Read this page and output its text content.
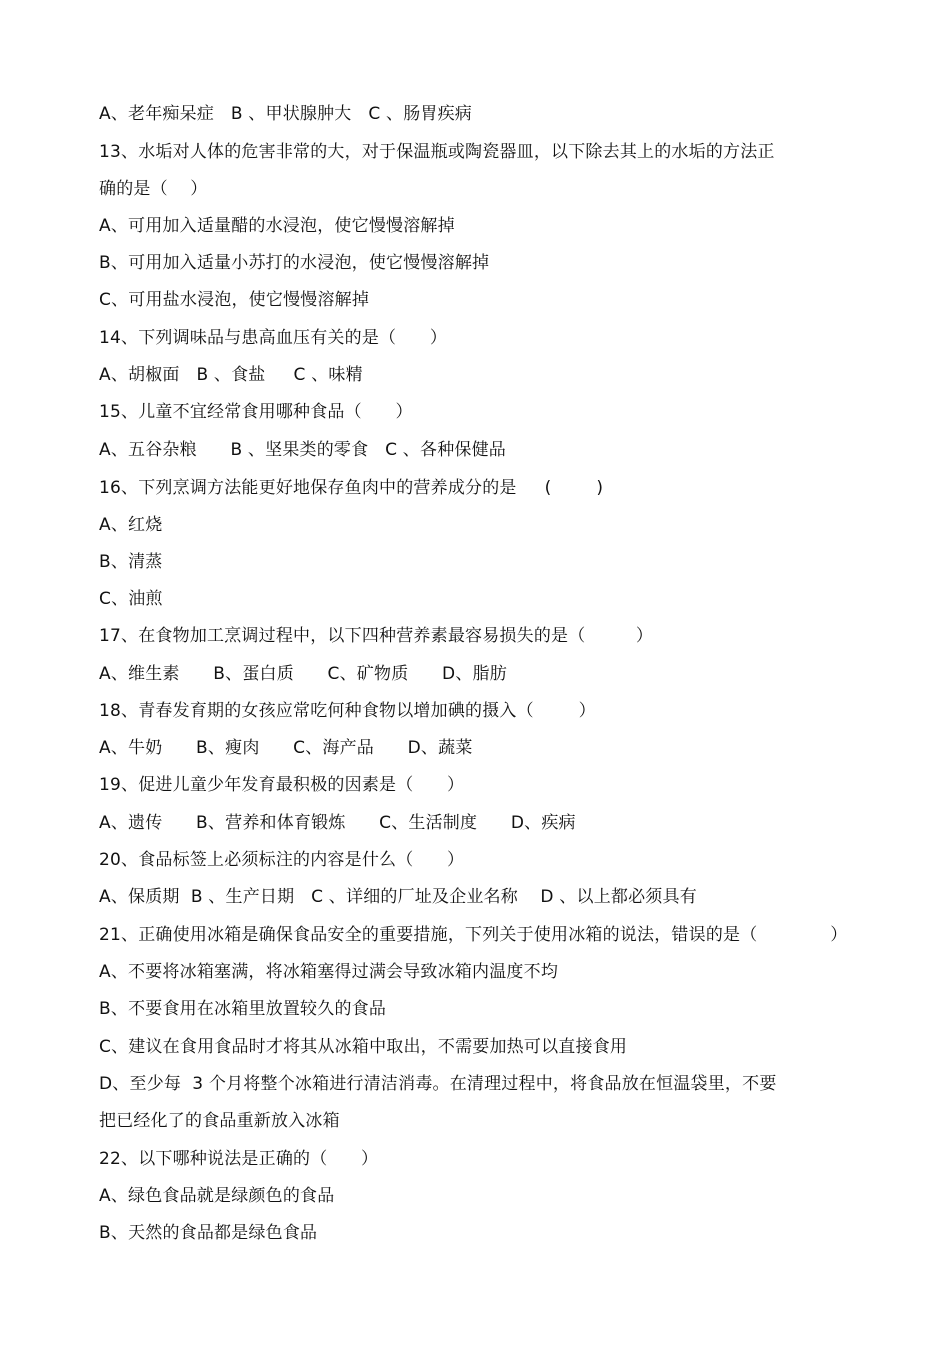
A、老年痴呆症   B 、甲状腺肿大   C 、肠胃疾病
13、水垢对人体的危害非常的大，对于保温瓶或陶瓷器皿，以下除去其上的水垢的方法正
确的是（    ）
A、可用加入适量醋的水浸泡，使它慢慢溶解掉
B、可用加入适量小苏打的水浸泡，使它慢慢溶解掉
C、可用盐水浸泡，使它慢慢溶解掉
14、下列调味品与患高血压有关的是（      ）
A、胡椒面   B 、食盐     C 、味精
15、儿童不宜经常食用哪种食品（      ）
A、五谷杂粮      B 、坚果类的零食   C 、各种保健品
16、下列烹调方法能更好地保存鱼肉中的营养成分的是     (        )
A、红烧
B、清蒸
C、油煎
17、在食物加工烹调过程中，以下四种营养素最容易损失的是（         ）
A、维生素      B、蛋白质      C、矿物质      D、脂肪
18、青春发育期的女孩应常吃何种食物以增加碘的摄入（        ）
A、牛奶      B、瘦肉      C、海产品      D、蔬菜
19、促进儿童少年发育最积极的因素是（      ）
A、遗传      B、营养和体育锻炼      C、生活制度      D、疾病
20、食品标签上必须标注的内容是什么（      ）
A、保质期  B 、生产日期   C 、详细的厂址及企业名称    D 、以上都必须具有
21、正确使用冰箱是确保食品安全的重要措施，下列关于使用冰箱的说法，错误的是（             ）
A、不要将冰箱塞满，将冰箱塞得过满会导致冰箱内温度不均
B、不要食用在冰箱里放置较久的食品
C、建议在食用食品时才将其从冰箱中取出，不需要加热可以直接食用
D、至少每  3 个月将整个冰箱进行清洁消毒。在清理过程中，将食品放在恒温袋里，不要
把已经化了的食品重新放入冰箱
22、以下哪种说法是正确的（      ）
A、绿色食品就是绿颜色的食品
B、天然的食品都是绿色食品
